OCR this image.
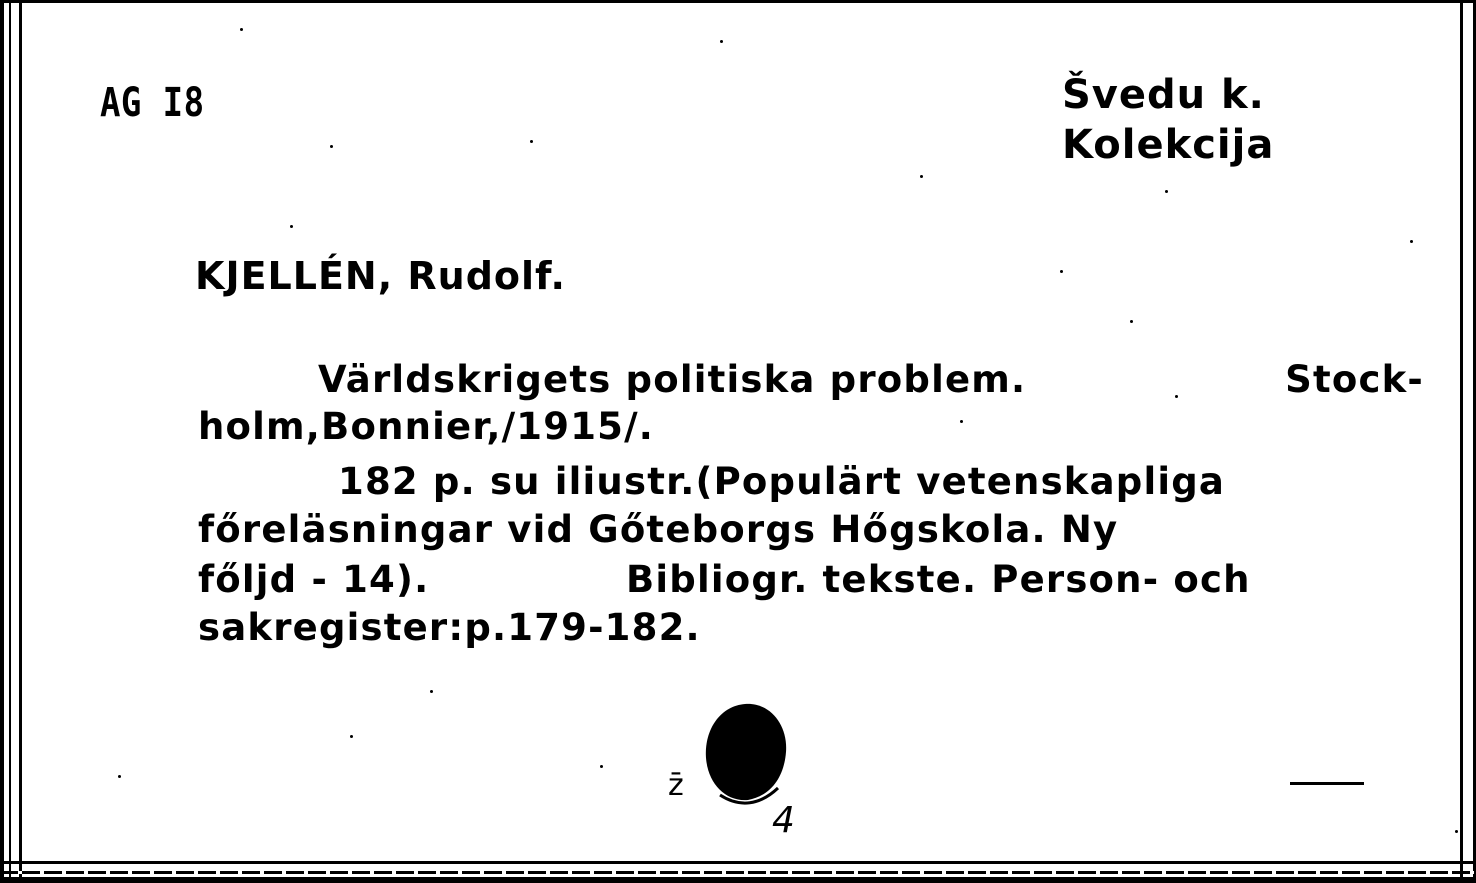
AG I8	Švedu k.
Kolekcija
KJELLÉN, Rudolf.
Världskrigets politiska problem.	Stock-
holm,Bonnier,/1915/.
182 p. su iliustr.(Populärt vetenskapliga
főreläsningar vid Gőteborgs Hőgskola. Ny
főljd - 14).	Bibliogr. tekste. Person- och
sakregister:p.179-182.
z̄
4
